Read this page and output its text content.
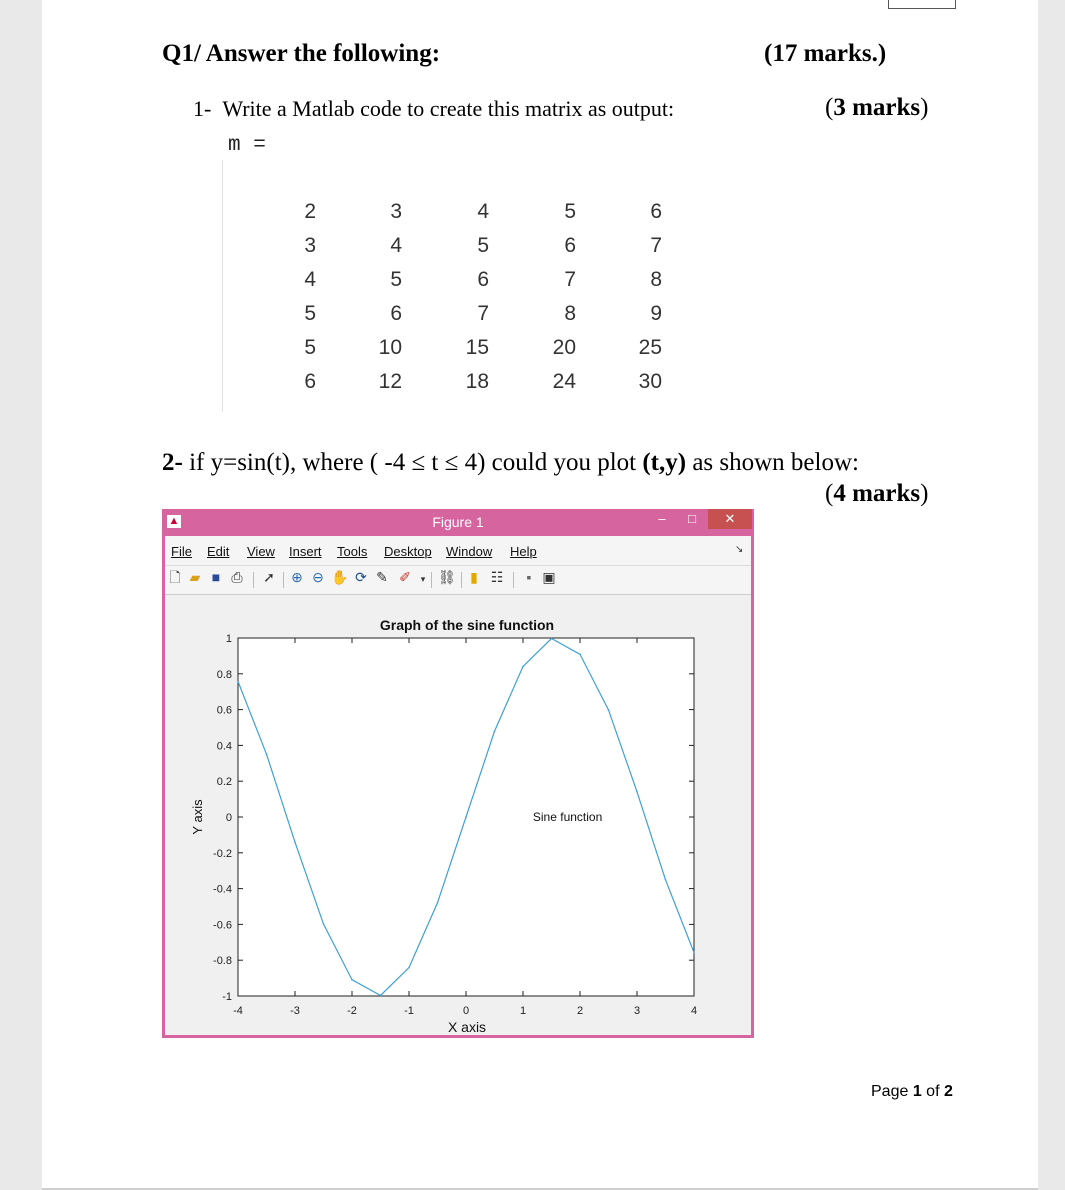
Q1/ Answer the following:	(17 marks.)
1- Write a Matlab code to create this matrix as output:	(3 marks)
m =
2	3	4	5	6
3	4	5	6	7
4	5	6	7	8
5	6	7	8	9
5	10	15	20	25
6	12	18	24	30
2- if y=sin(t), where ( -4 ≤ t ≤ 4) could you plot (t,y) as shown below:
(4 marks)
▲	Figure 1	–	□	✕
File Edit View Insert Tools Desktop Window Help	↘
🗋 ▰ ■ ⎙ ➚ ⊕ ⊖ ✋ ⟳ ✎ ✐	▾ ⛓ ▮ ☷	▪ ▣
Graph of the sine function
X axis
Y axis
-4	-3	-2	-1	0	1	2	3	4
-1
-0.8
-0.6
-0.4
-0.2
0
0.2
0.4
0.6
0.8
1
Sine function
Page 1 of 2
